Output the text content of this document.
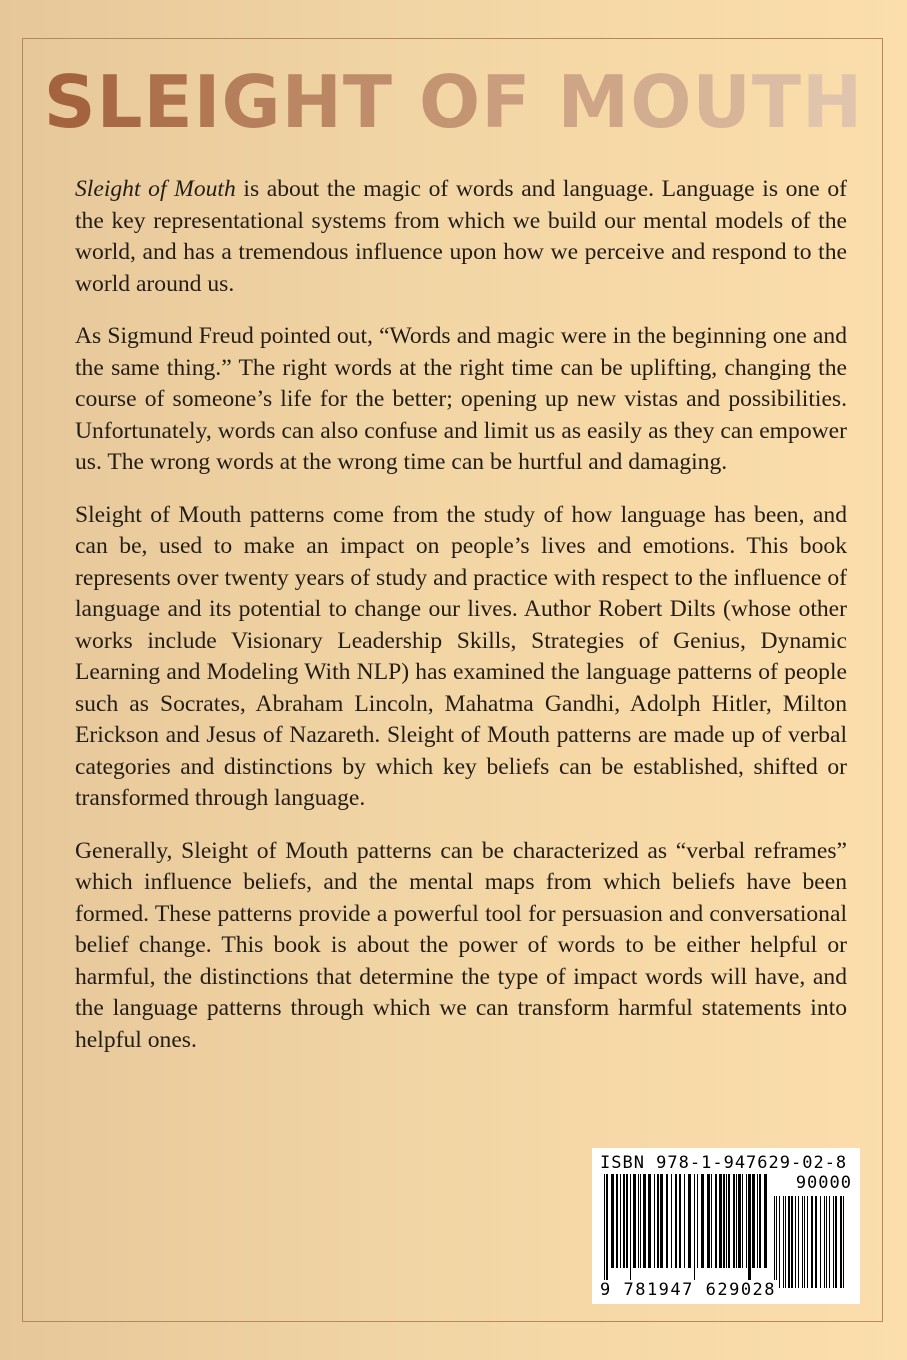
SLEIGHT OF MOUTH

Sleight of Mouth is about the magic of words and language. Language is one of the key representational systems from which we build our mental models of the world, and has a tremendous influence upon how we perceive and respond to the world around us.

As Sigmund Freud pointed out, “Words and magic were in the beginning one and the same thing.” The right words at the right time can be uplifting, changing the course of someone’s life for the better; opening up new vistas and possibilities. Unfortunately, words can also confuse and limit us as easily as they can empower us. The wrong words at the wrong time can be hurtful and damaging.

Sleight of Mouth patterns come from the study of how language has been, and can be, used to make an impact on people’s lives and emotions. This book represents over twenty years of study and practice with respect to the influence of language and its potential to change our lives. Author Robert Dilts (whose other works include Visionary Leadership Skills, Strategies of Genius, Dynamic Learning and Modeling With NLP) has examined the language patterns of people such as Socrates, Abraham Lincoln, Mahatma Gandhi, Adolph Hitler, Milton Erickson and Jesus of Nazareth. Sleight of Mouth patterns are made up of verbal categories and distinctions by which key beliefs can be established, shifted or transformed through language.

Generally, Sleight of Mouth patterns can be characterized as “verbal reframes” which influence beliefs, and the mental maps from which beliefs have been formed. These patterns provide a powerful tool for persuasion and conversational belief change. This book is about the power of words to be either helpful or harmful, the distinctions that determine the type of impact words will have, and the language patterns through which we can transform harmful statements into helpful ones.

ISBN 978-1-947629-02-8
90000
9 781947 629028
